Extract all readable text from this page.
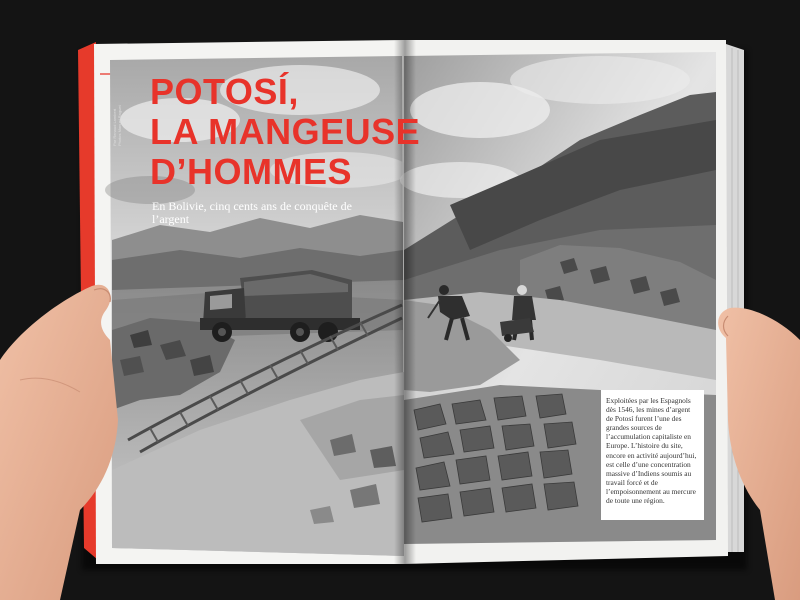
POTOSÍ,
LA MANGEUSE
D’HOMMES
En Bolivie, cinq cents ans de conquête de l’argent
Par Renaud Lambert Photos Manuel Raguet

Exploitées par les Espagnols dès 1546, les mines d’argent de Potosí furent l’une des grandes sources de l’accumulation capitaliste en Europe. L’histoire du site, encore en activité aujourd’hui, est celle d’une concentration massive d’Indiens soumis au travail forcé et de l’empoisonnement au mercure de toute une région.
